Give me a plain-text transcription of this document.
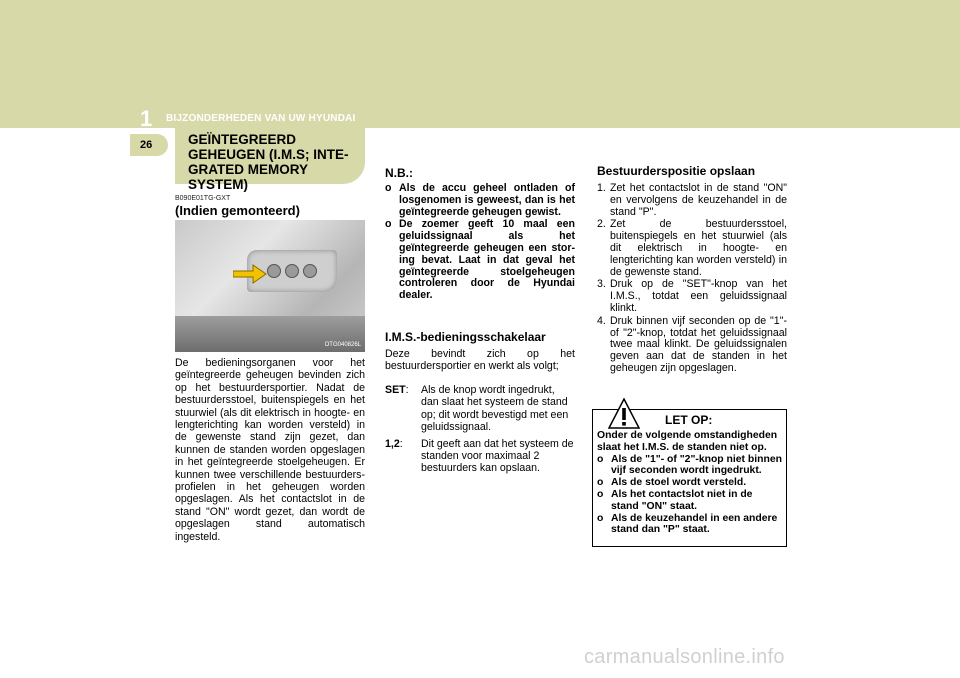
1 BIJZONDERHEDEN VAN UW HYUNDAI
26	GEÏNTEGREERD GEHEUGEN (I.M.S; INTE-GRATED MEMORY SYSTEM)
B090E01TG-GXT
(Indien gemonteerd)
OTG040826L
De bedieningsorganen voor het geïntegreerde geheugen bevinden zich op het bestuurdersportier. Nadat de bestuurdersstoel, buitenspiegels en het stuurwiel (als dit elektrisch in hoogte- en lengterichting kan worden versteld) in de gewenste stand zijn gezet, dan kunnen de standen worden opgeslagen in het geïntegreerde stoelgeheugen. Er kunnen twee verschillende bestuurders-profielen in het geheugen worden opgeslagen. Als het contactslot in de stand "ON" wordt gezet, dan wordt de opgeslagen stand automatisch ingesteld.
N.B.:
o Als de accu geheel ontladen of losgenomen is geweest, dan is het geïntegreerde geheugen gewist.
o De zoemer geeft 10 maal een geluidssignaal als het geïntegreerde geheugen een stor-ing bevat. Laat in dat geval het geïntegreerde stoelgeheugen controleren door de Hyundai dealer.
I.M.S.-bedieningsschakelaar
Deze bevindt zich op het bestuurdersportier en werkt als volgt;
SET:	Als de knop wordt ingedrukt, dan slaat het systeem de stand op; dit wordt bevestigd met een geluidssignaal.
1,2:	Dit geeft aan dat het systeem de standen voor maximaal 2 bestuurders kan opslaan.
Bestuurderspositie opslaan
1. Zet het contactslot in de stand "ON" en vervolgens de keuzehandel in de stand "P".
2. Zet de bestuurdersstoel, buitenspiegels en het stuurwiel (als dit elektrisch in hoogte- en lengterichting kan worden versteld) in de gewenste stand.
3. Druk op de "SET"-knop van het I.M.S., totdat een geluidssignaal klinkt.
4. Druk binnen vijf seconden op de "1"- of "2"-knop, totdat het geluidssignaal twee maal klinkt. De geluidssignalen geven aan dat de standen in het geheugen zijn opgeslagen.
LET OP:
Onder de volgende omstandigheden slaat het I.M.S. de standen niet op.
o Als de "1"- of "2"-knop niet binnen vijf seconden wordt ingedrukt.
o Als de stoel wordt versteld.
o Als het contactslot niet in de stand "ON" staat.
o Als de keuzehandel in een andere stand dan "P" staat.
carmanualsonline.info
